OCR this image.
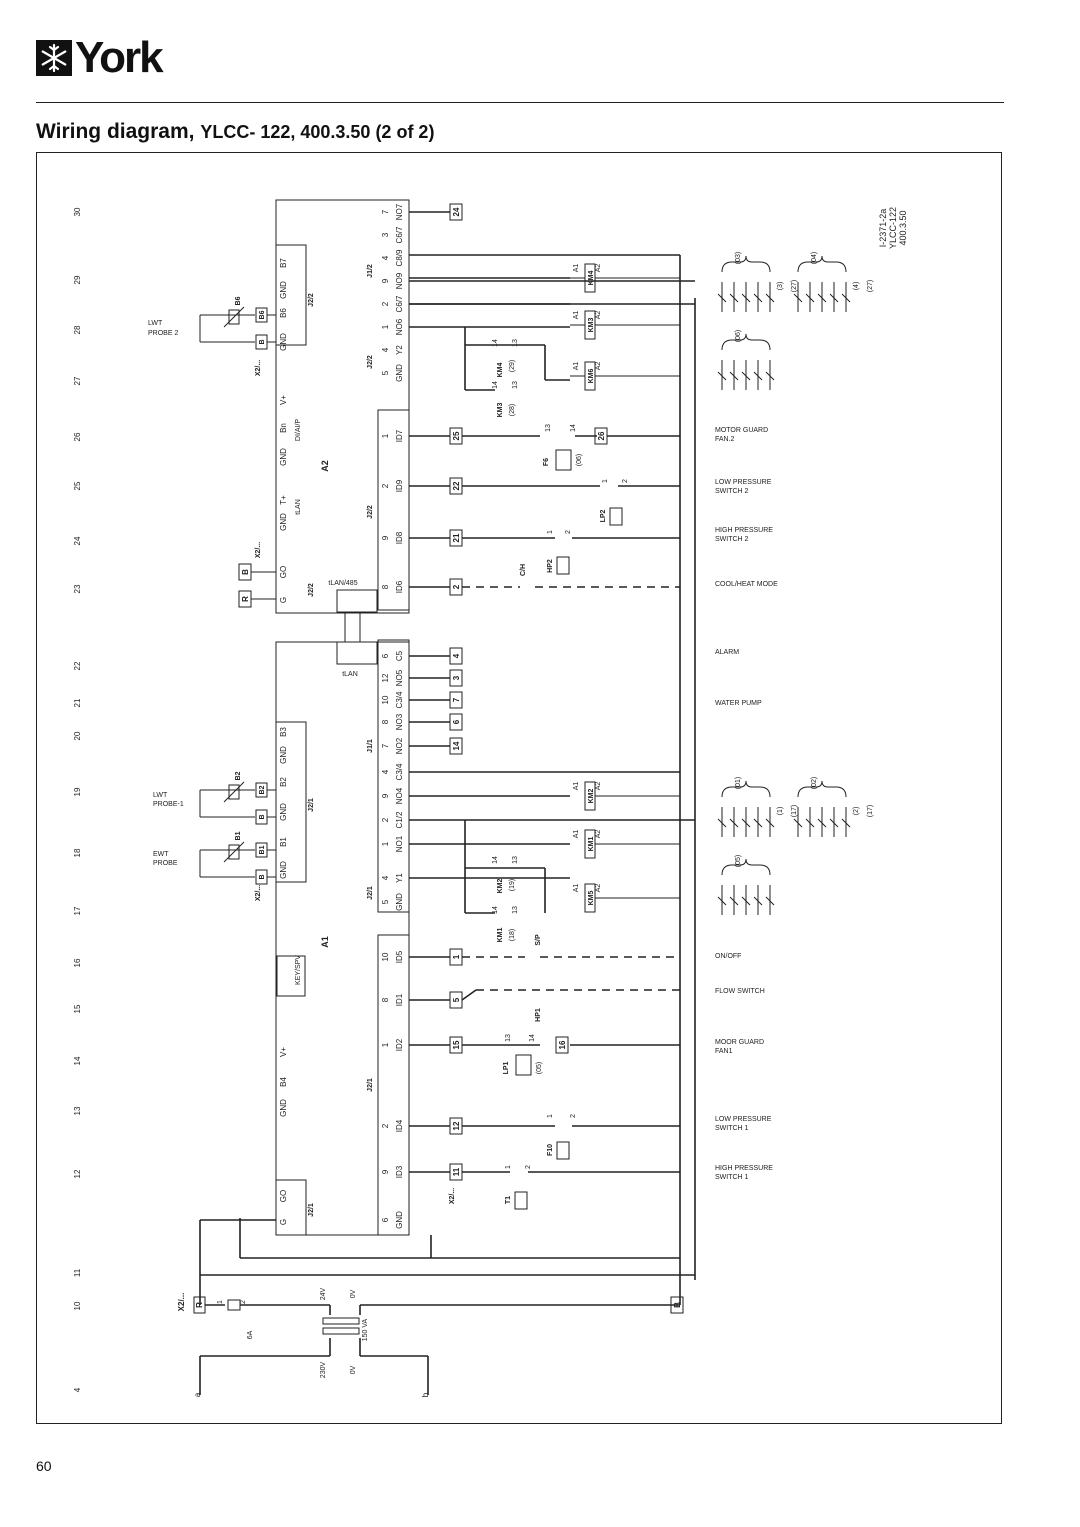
York
Wiring diagram, YLCC- 122, 400.3.50 (2 of 2)
30
29
28
27
26
25
24
23
22
21
20
19
18
17
16
15
14
13
12
11
10
4
A2
A1
7 NO7
3 C6/7
4 C8/9
9 NO9
2 C6/7
1 NO6
4 Y2
5 GND
J1/2
J2/2
1 ID7
2 ID9
9 ID8
8 ID6
J2/2
6 C5
12 NO5
10 C3/4
8 NO3
7 NO2
4 C3/4
9 NO4
2 C1/2
1 NO1
4 Y1
5 GND
J1/1
J2/1
10 ID5
8 ID1
1 ID2
2 ID4
9 ID3
6 GND
J2/1
B7
GND
B6
GND
V+
Bn
GND
T+
GND
GO
G
B3
GND
B2
GND
B1
GND
B4
V+
GND
GO
G
J2/2
J2/2
J2/1
J2/1
DI/AI/P
tLAN
tLAN/485
tLAN
KEY/SPV
LWT
PROBE 2
B6
B6
B
LWT
PROBE-1
B2
B2
B
EWT
PROBE
B1
B1
B
X2/...
X2/...
X2/...
X2/...
X2/...
B
R
24
KM4
A1 A2
KM3
A1 A2
KM6
A1 A2
KM4 (29)
KM3 (28)
14 13
14 13
25	26
F6	(06)
13	14
22
LP2
1 2
21
HP2
1 2
2
C/H
4
3
7
6
14
KM2
A1 A2
KM1
A1 A2
KM5
A1 A2
KM2 (19)
KM1 (18)
14 13
14 13
1
S/P
5
HP1
15	16
LP1	(05)
13 14
12
F10
1 2
11
T1
1 2
R	B
6A
1 2
150 VA
24V	0V
230V	0V
a	b
MOTOR GUARD
FAN.2
LOW PRESSURE
SWITCH 2
HIGH PRESSURE
SWITCH 2
COOL/HEAT MODE
ALARM
WATER PUMP
ON/OFF
FLOW SWITCH
MOOR GUARD
FAN1
LOW PRESSURE
SWITCH 1
HIGH PRESSURE
SWITCH 1
(03)
(3) (27)
(04)
(4) (27)
(06)
(01)
(1) (17)
(02)
(2) (17)
(05)
I-2371-2a YLCC-122 400.3.50
60
